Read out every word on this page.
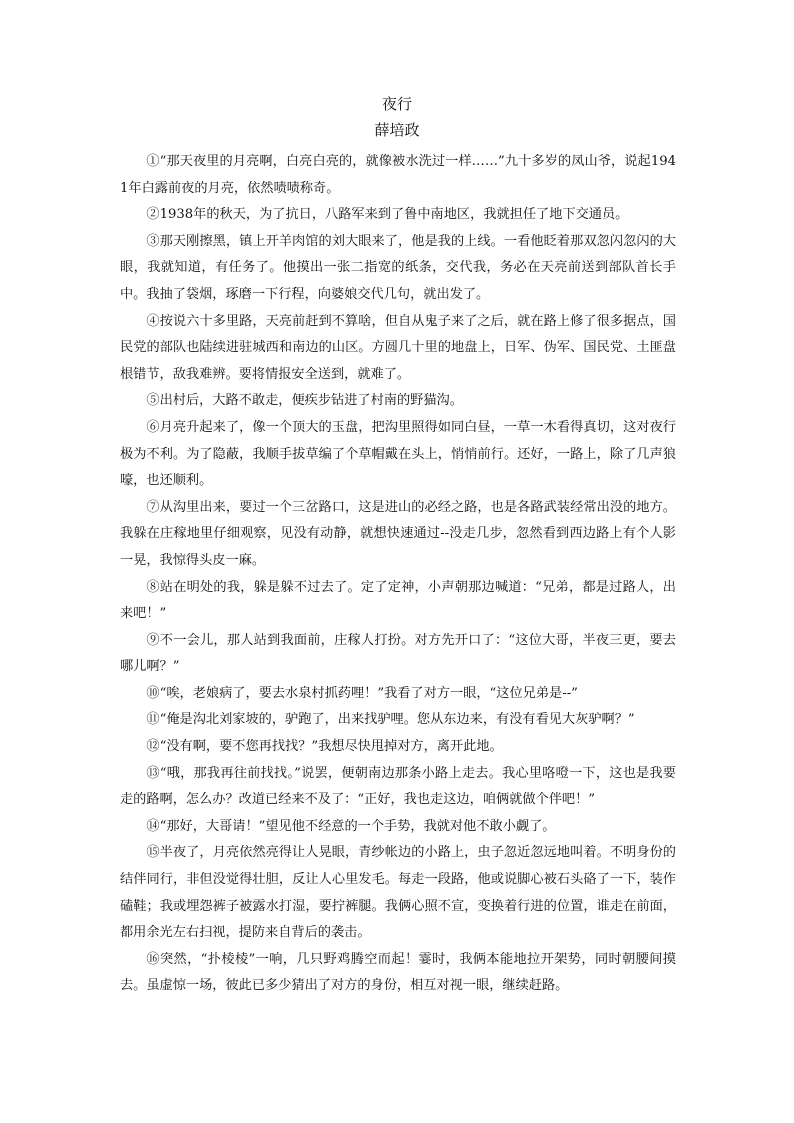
夜行
薛培政

①“那天夜里的月亮啊，白亮白亮的，就像被水洗过一样……”九十多岁的凤山爷，说起1941年白露前夜的月亮，依然啧啧称奇。

②1938年的秋天，为了抗日，八路军来到了鲁中南地区，我就担任了地下交通员。

③那天刚擦黑，镇上开羊肉馆的刘大眼来了，他是我的上线。一看他眨着那双忽闪忽闪的大眼，我就知道，有任务了。他摸出一张二指宽的纸条，交代我，务必在天亮前送到部队首长手中。我抽了袋烟，琢磨一下行程，向婆娘交代几句，就出发了。

④按说六十多里路，天亮前赶到不算啥，但自从鬼子来了之后，就在路上修了很多据点，国民党的部队也陆续进驻城西和南边的山区。方圆几十里的地盘上，日军、伪军、国民党、土匪盘根错节，敌我难辨。要将情报安全送到，就难了。

⑤出村后，大路不敢走，便疾步钻进了村南的野猫沟。

⑥月亮升起来了，像一个顶大的玉盘，把沟里照得如同白昼，一草一木看得真切，这对夜行极为不利。为了隐蔽，我顺手拔草编了个草帽戴在头上，悄悄前行。还好，一路上，除了几声狼嚎，也还顺利。

⑦从沟里出来，要过一个三岔路口，这是进山的必经之路，也是各路武装经常出没的地方。我躲在庄稼地里仔细观察，见没有动静，就想快速通过--没走几步，忽然看到西边路上有个人影一晃，我惊得头皮一麻。

⑧站在明处的我，躲是躲不过去了。定了定神，小声朝那边喊道：“兄弟，都是过路人，出来吧！”

⑨不一会儿，那人站到我面前，庄稼人打扮。对方先开口了：“这位大哥，半夜三更，要去哪儿啊？”

⑩“唉，老娘病了，要去水泉村抓药哩！”我看了对方一眼，“这位兄弟是--”

⑪“俺是沟北刘家坡的，驴跑了，出来找驴哩。您从东边来，有没有看见大灰驴啊？”

⑫“没有啊，要不您再找找？”我想尽快甩掉对方，离开此地。

⑬“哦，那我再往前找找。”说罢，便朝南边那条小路上走去。我心里咯噔一下，这也是我要走的路啊，怎么办？改道已经来不及了：“正好，我也走这边，咱俩就做个伴吧！”

⑭“那好，大哥请！”望见他不经意的一个手势，我就对他不敢小觑了。

⑮半夜了，月亮依然亮得让人晃眼，青纱帐边的小路上，虫子忽近忽远地叫着。不明身份的结伴同行，非但没觉得壮胆，反让人心里发毛。每走一段路，他或说脚心被石头硌了一下，装作磕鞋；我或埋怨裤子被露水打湿，要拧裤腿。我俩心照不宣，变换着行进的位置，谁走在前面，都用余光左右扫视，提防来自背后的袭击。

⑯突然，“扑棱棱”一响，几只野鸡腾空而起！霎时，我俩本能地拉开架势，同时朝腰间摸去。虽虚惊一场，彼此已多少猜出了对方的身份，相互对视一眼，继续赶路。
